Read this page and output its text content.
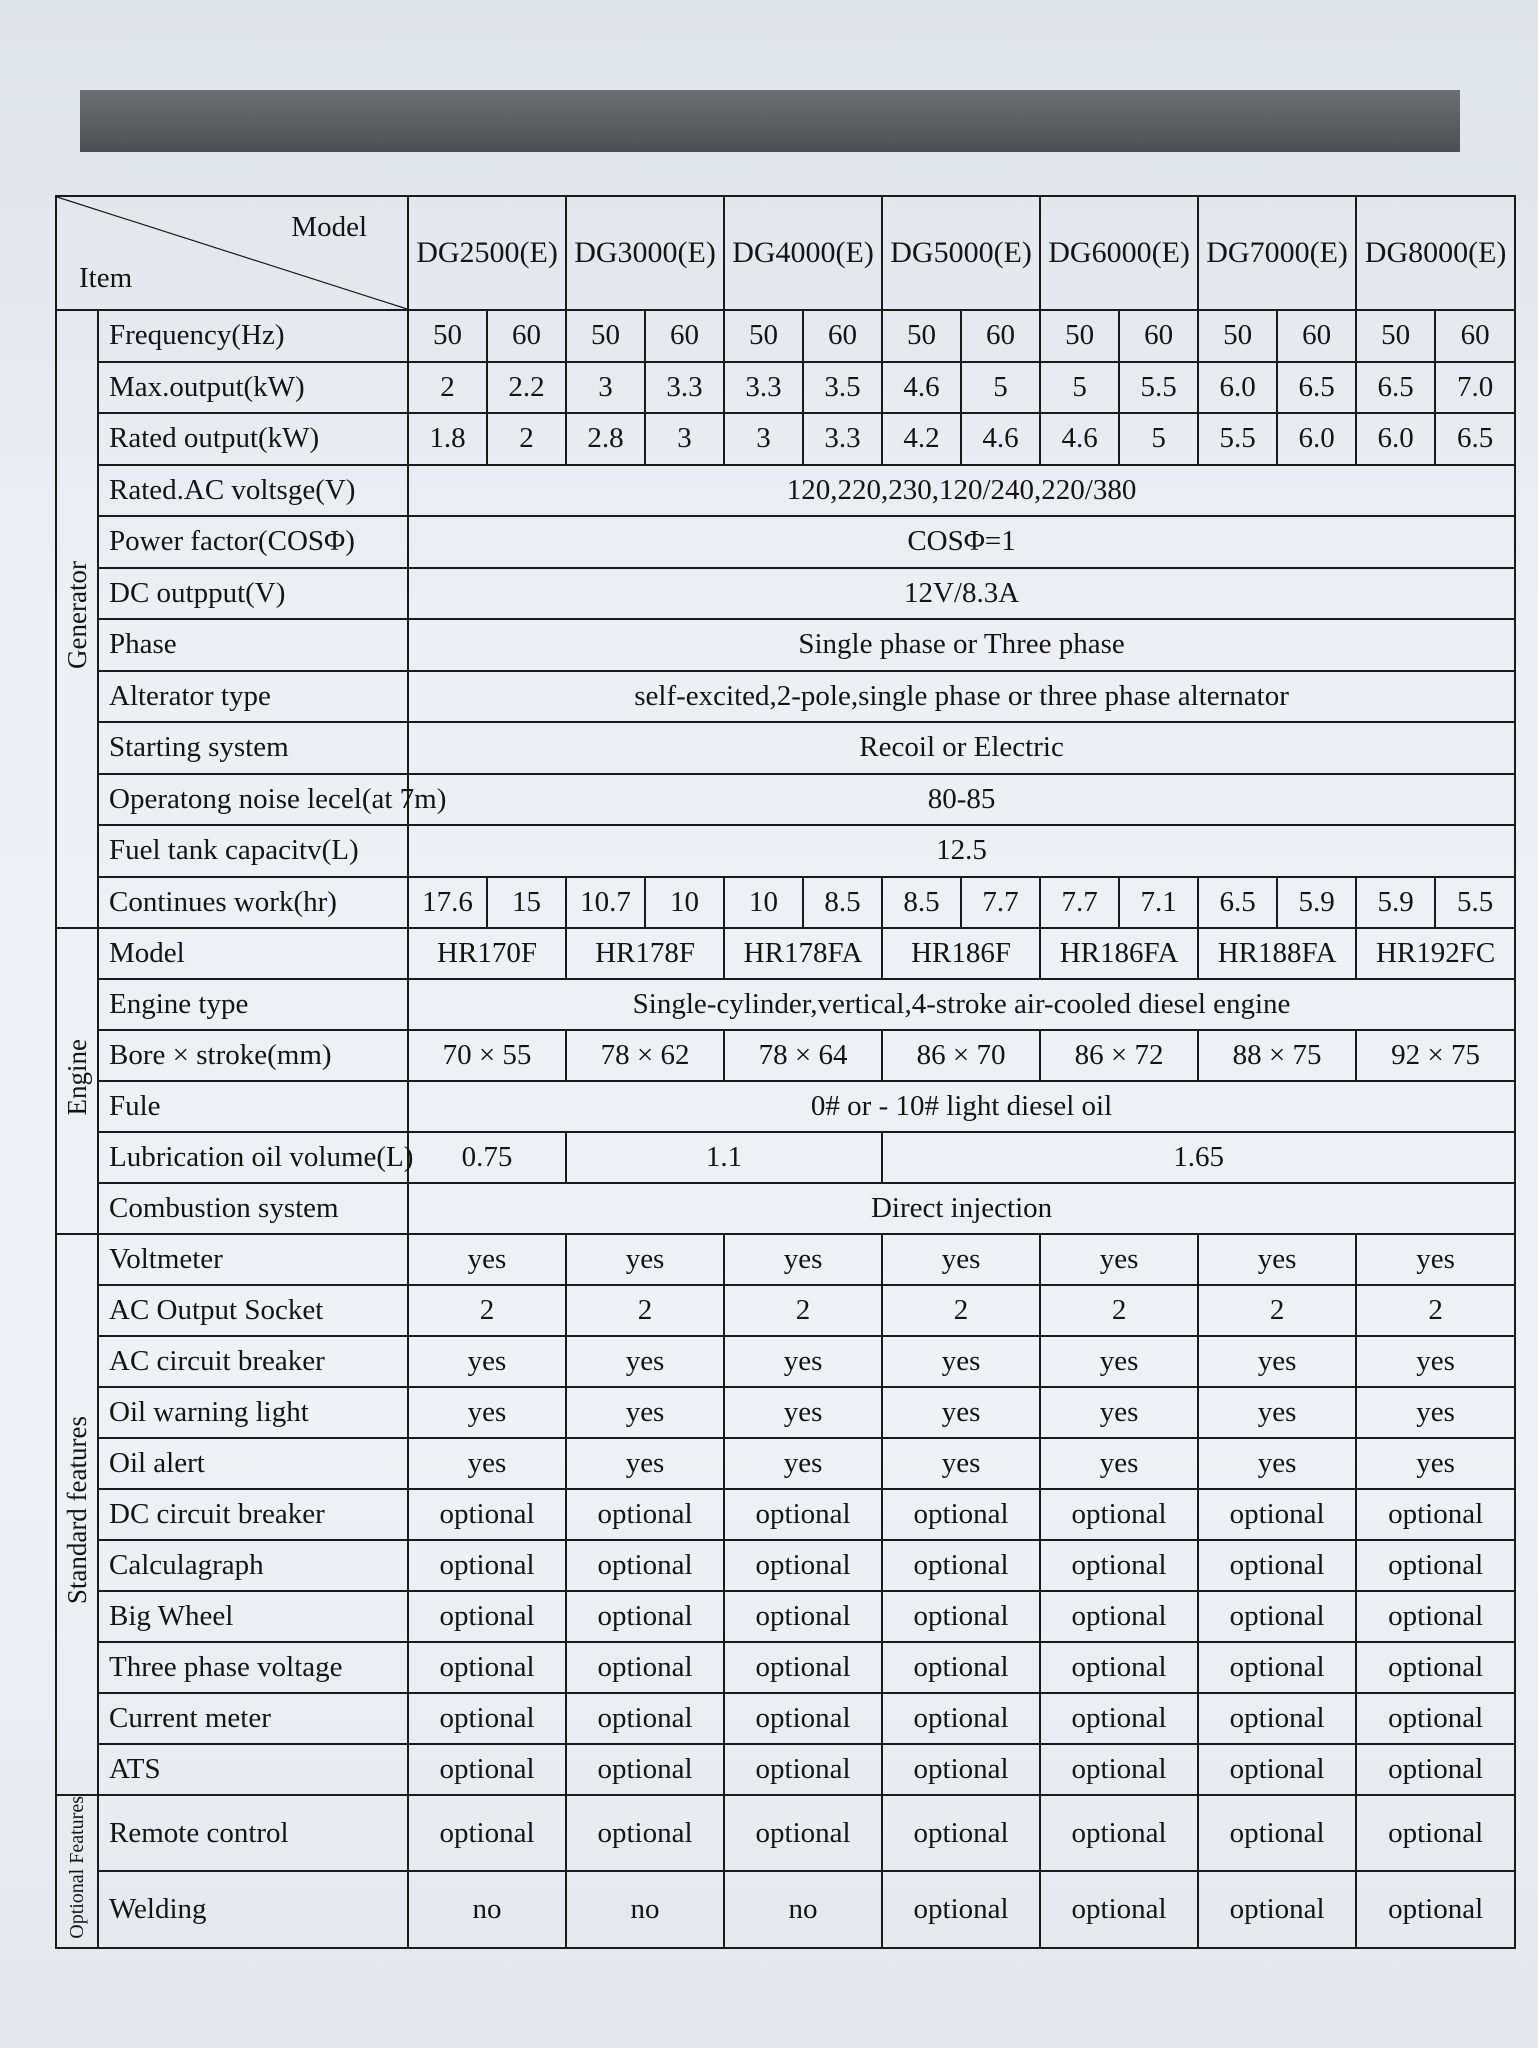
Model
Item		DG2500(E)		DG3000(E)		DG4000(E)		DG5000(E)		DG6000(E)		DG7000(E)		DG8000(E)	
Generator	Frequency(Hz)	50	60	50	60	50	60	50	60	50	60	50	60	50	60
	Max.output(kW)	2	2.2	3	3.3	3.3	3.5	4.6	5	5	5.5	6.0	6.5	6.5	7.0
	Rated output(kW)	1.8	2	2.8	3	3	3.3	4.2	4.6	4.6	5	5.5	6.0	6.0	6.5
	Rated.AC voltsge(V)	120,220,230,120/240,220/380													
	Power factor(COSΦ)	COSΦ=1													
	DC outpput(V)	12V/8.3A													
	Phase	Single phase or Three phase													
	Alterator type	self-excited,2-pole,single phase or three phase alternator													
	Starting system	Recoil or Electric													
	Operatong noise lecel(at 7m)	80-85													
	Fuel tank capacitv(L)	12.5													
	Continues work(hr)	17.6	15	10.7	10	10	8.5	8.5	7.7	7.7	7.1	6.5	5.9	5.9	5.5
Engine	Model	HR170F		HR178F		HR178FA		HR186F		HR186FA		HR188FA		HR192FC	
	Engine type	Single-cylinder,vertical,4-stroke air-cooled diesel engine													
	Bore × stroke(mm)	70 × 55		78 × 62		78 × 64		86 × 70		86 × 72		88 × 75		92 × 75	
	Fule	0# or - 10# light diesel oil													
	Lubrication oil volume(L)	0.75		1.1				1.65							
	Combustion system	Direct injection													
Standard features	Voltmeter	yes		yes		yes		yes		yes		yes		yes	
	AC Output Socket	2		2		2		2		2		2		2	
	AC circuit breaker	yes		yes		yes		yes		yes		yes		yes	
	Oil warning light	yes		yes		yes		yes		yes		yes		yes	
	Oil alert	yes		yes		yes		yes		yes		yes		yes	
	DC circuit breaker	optional		optional		optional		optional		optional		optional		optional	
	Calculagraph	optional		optional		optional		optional		optional		optional		optional	
	Big Wheel	optional		optional		optional		optional		optional		optional		optional	
	Three phase voltage	optional		optional		optional		optional		optional		optional		optional	
	Current meter	optional		optional		optional		optional		optional		optional		optional	
	ATS	optional		optional		optional		optional		optional		optional		optional	
Optional Features	Remote control	optional		optional		optional		optional		optional		optional		optional	
	Welding	no		no		no		optional		optional		optional		optional	
